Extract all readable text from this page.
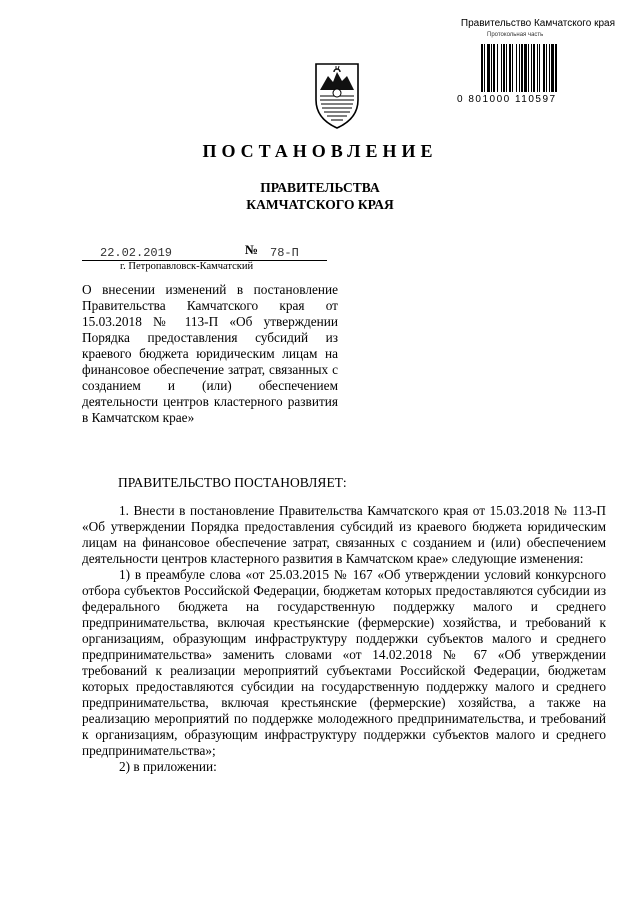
Правительство Камчатского края
Протокольная часть
0 801000 110597
ПОСТАНОВЛЕНИЕ
ПРАВИТЕЛЬСТВА
КАМЧАТСКОГО КРАЯ
22.02.2019	№ 78-П
г. Петропавловск-Камчатский
О внесении изменений в постановление Правительства Камчатского края от 15.03.2018 № 113-П «Об утверждении Порядка предоставления субсидий из краевого бюджета юридическим лицам на финансовое обеспечение затрат, связанных с созданием и (или) обеспечением деятельности центров кластерного развития в Камчатском крае»
ПРАВИТЕЛЬСТВО ПОСТАНОВЛЯЕТ:

1. Внести в постановление Правительства Камчатского края от 15.03.2018 № 113-П «Об утверждении Порядка предоставления субсидий из краевого бюджета юридическим лицам на финансовое обеспечение затрат, связанных с созданием и (или) обеспечением деятельности центров кластерного развития в Камчатском крае» следующие изменения:

1) в преамбуле слова «от 25.03.2015 № 167 «Об утверждении условий конкурсного отбора субъектов Российской Федерации, бюджетам которых предоставляются субсидии из федерального бюджета на государственную поддержку малого и среднего предпринимательства, включая крестьянские (фермерские) хозяйства, и требований к организациям, образующим инфраструктуру поддержки субъектов малого и среднего предпринимательства» заменить словами «от 14.02.2018 № 67 «Об утверждении требований к реализации мероприятий субъектами Российской Федерации, бюджетам которых предоставляются субсидии на государственную поддержку малого и среднего предпринимательства, включая крестьянские (фермерские) хозяйства, а также на реализацию мероприятий по поддержке молодежного предпринимательства, и требований к организациям, образующим инфраструктуру поддержки субъектов малого и среднего предпринимательства»;

2) в приложении:
